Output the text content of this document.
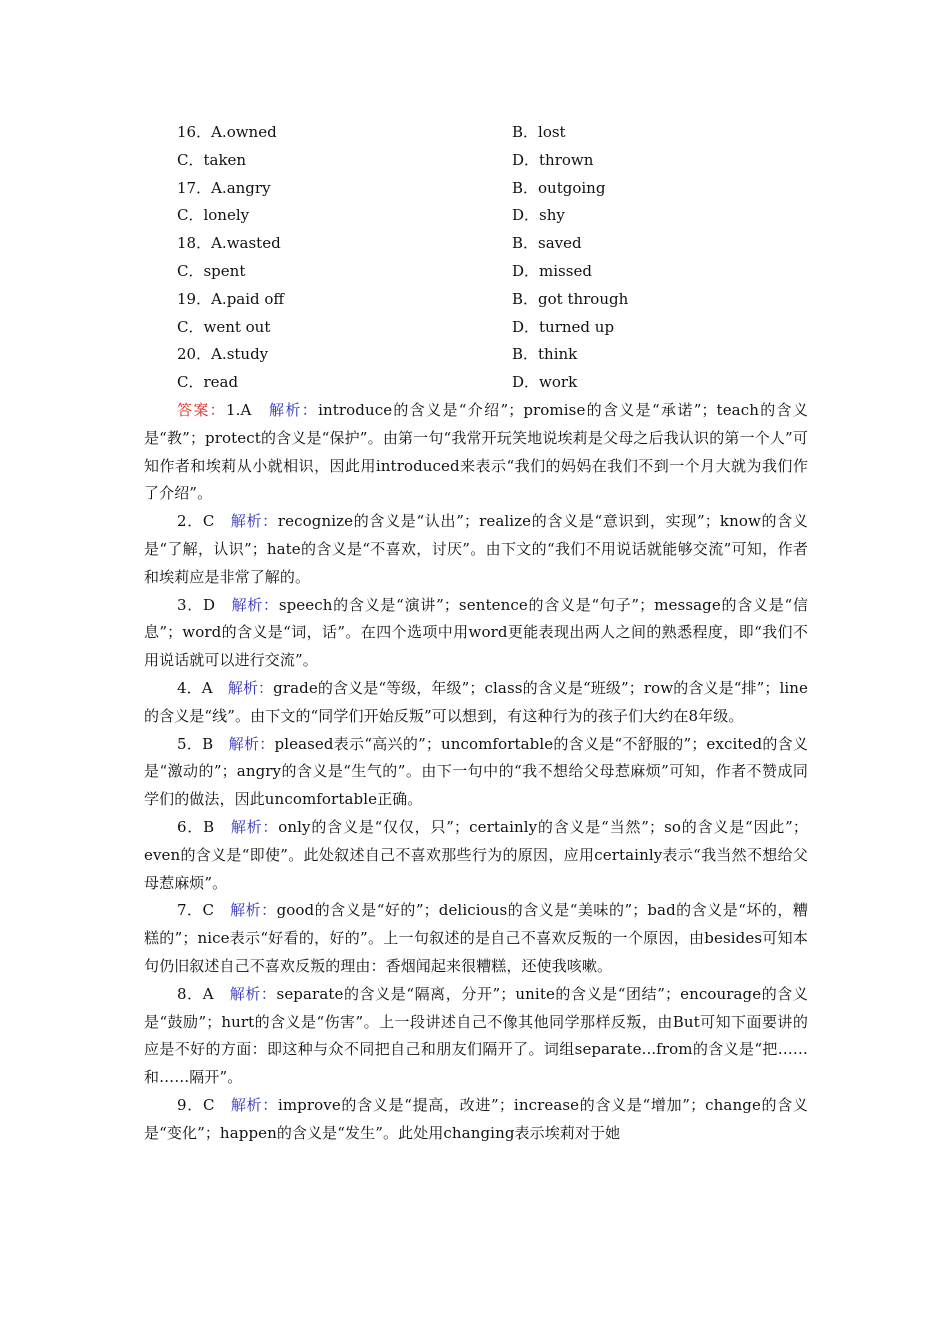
16．A.owned	B．lost
C．taken	D．thrown
17．A.angry	B．outgoing
C．lonely	D．shy
18．A.wasted	B．saved
C．spent	D．missed
19．A.paid off	B．got through
C．went out	D．turned up
20．A.study	B．think
C．read	D．work

答案：1.A　解析：introduce的含义是“介绍”；promise的含义是“承诺”；teach的含义是“教”；protect的含义是“保护”。由第一句“我常开玩笑地说埃莉是父母之后我认识的第一个人”可知作者和埃莉从小就相识，因此用introduced来表示“我们的妈妈在我们不到一个月大就为我们作了介绍”。

2．C　解析：recognize的含义是“认出”；realize的含义是“意识到，实现”；know的含义是“了解，认识”；hate的含义是“不喜欢，讨厌”。由下文的“我们不用说话就能够交流”可知，作者和埃莉应是非常了解的。

3．D　解析：speech的含义是“演讲”；sentence的含义是“句子”；message的含义是“信息”；word的含义是“词，话”。在四个选项中用word更能表现出两人之间的熟悉程度，即“我们不用说话就可以进行交流”。

4．A　解析：grade的含义是“等级，年级”；class的含义是“班级”；row的含义是“排”；line的含义是“线”。由下文的“同学们开始反叛”可以想到，有这种行为的孩子们大约在8年级。

5．B　解析：pleased表示“高兴的”；uncomfortable的含义是“不舒服的”；excited的含义是“激动的”；angry的含义是“生气的”。由下一句中的“我不想给父母惹麻烦”可知，作者不赞成同学们的做法，因此uncomfortable正确。

6．B　解析：only的含义是“仅仅，只”；certainly的含义是“当然”；so的含义是“因此”；even的含义是“即使”。此处叙述自己不喜欢那些行为的原因，应用certainly表示“我当然不想给父母惹麻烦”。

7．C　解析：good的含义是“好的”；delicious的含义是“美味的”；bad的含义是“坏的，糟糕的”；nice表示“好看的，好的”。上一句叙述的是自己不喜欢反叛的一个原因，由besides可知本句仍旧叙述自己不喜欢反叛的理由：香烟闻起来很糟糕，还使我咳嗽。

8．A　解析：separate的含义是“隔离，分开”；unite的含义是“团结”；encourage的含义是“鼓励”；hurt的含义是“伤害”。上一段讲述自己不像其他同学那样反叛，由But可知下面要讲的应是不好的方面：即这种与众不同把自己和朋友们隔开了。词组separate...from的含义是“把……和……隔开”。

9．C　解析：improve的含义是“提高，改进”；increase的含义是“增加”；change的含义是“变化”；happen的含义是“发生”。此处用changing表示埃莉对于她
